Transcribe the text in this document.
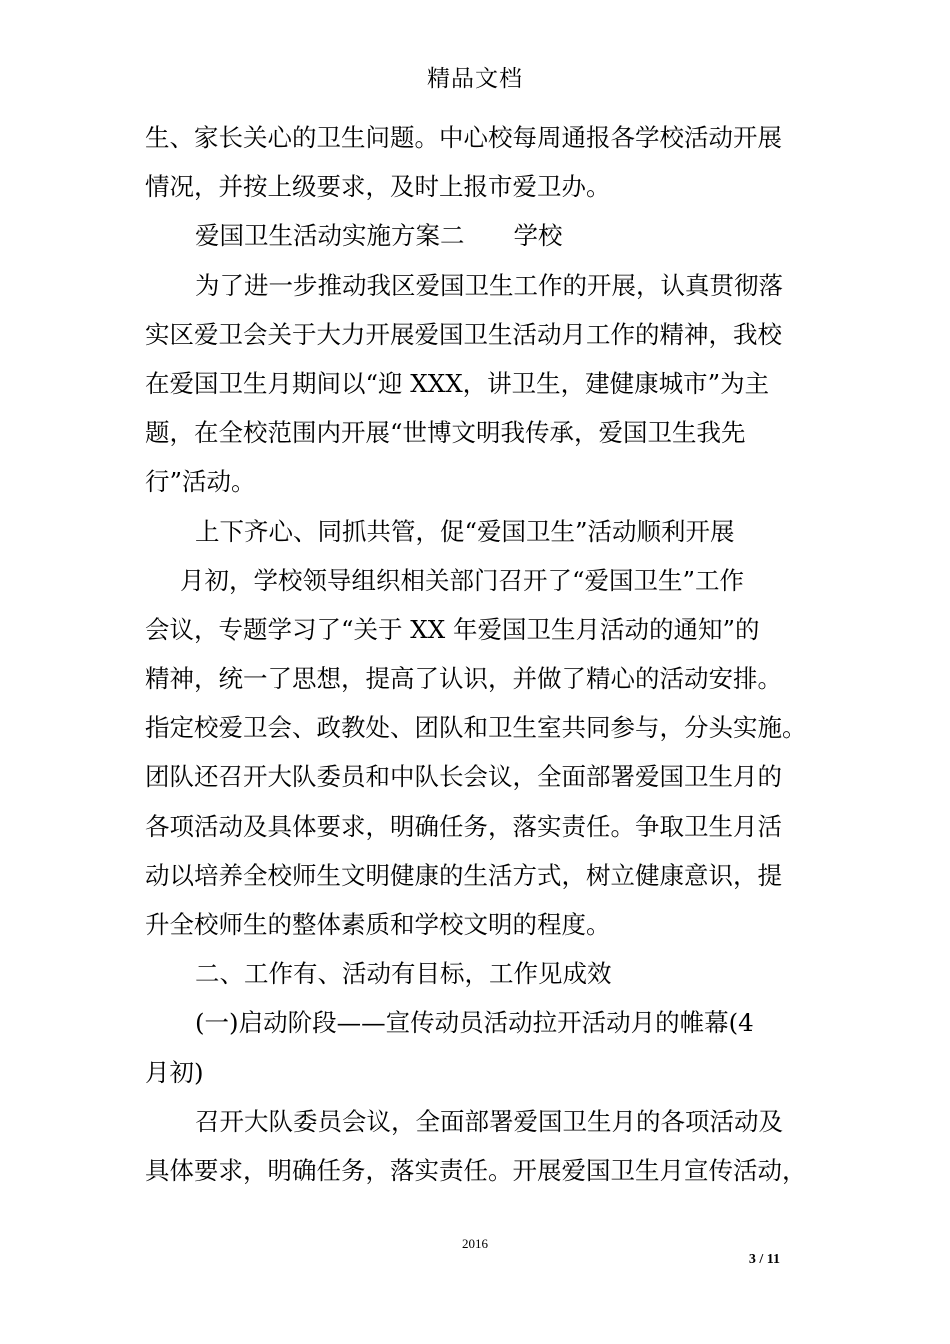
精品文档
生、家长关心的卫生问题。中心校每周通报各学校活动开展
情况，并按上级要求，及时上报市爱卫办。
爱国卫生活动实施方案二　　学校
为了进一步推动我区爱国卫生工作的开展，认真贯彻落
实区爱卫会关于大力开展爱国卫生活动月工作的精神，我校
在爱国卫生月期间以“迎 XXX，讲卫生，建健康城市”为主
题，在全校范围内开展“世博文明我传承，爱国卫生我先
行”活动。
上下齐心、同抓共管，促“爱国卫生”活动顺利开展
月初，学校领导组织相关部门召开了“爱国卫生”工作
会议，专题学习了“关于 XX 年爱国卫生月活动的通知”的
精神，统一了思想，提高了认识，并做了精心的活动安排。
指定校爱卫会、政教处、团队和卫生室共同参与，分头实施。
团队还召开大队委员和中队长会议，全面部署爱国卫生月的
各项活动及具体要求，明确任务，落实责任。争取卫生月活
动以培养全校师生文明健康的生活方式，树立健康意识，提
升全校师生的整体素质和学校文明的程度。
二、工作有、活动有目标，工作见成效
(一)启动阶段——宣传动员活动拉开活动月的帷幕(4
月初)
召开大队委员会议，全面部署爱国卫生月的各项活动及
具体要求，明确任务，落实责任。开展爱国卫生月宣传活动，
2016
3 / 11
